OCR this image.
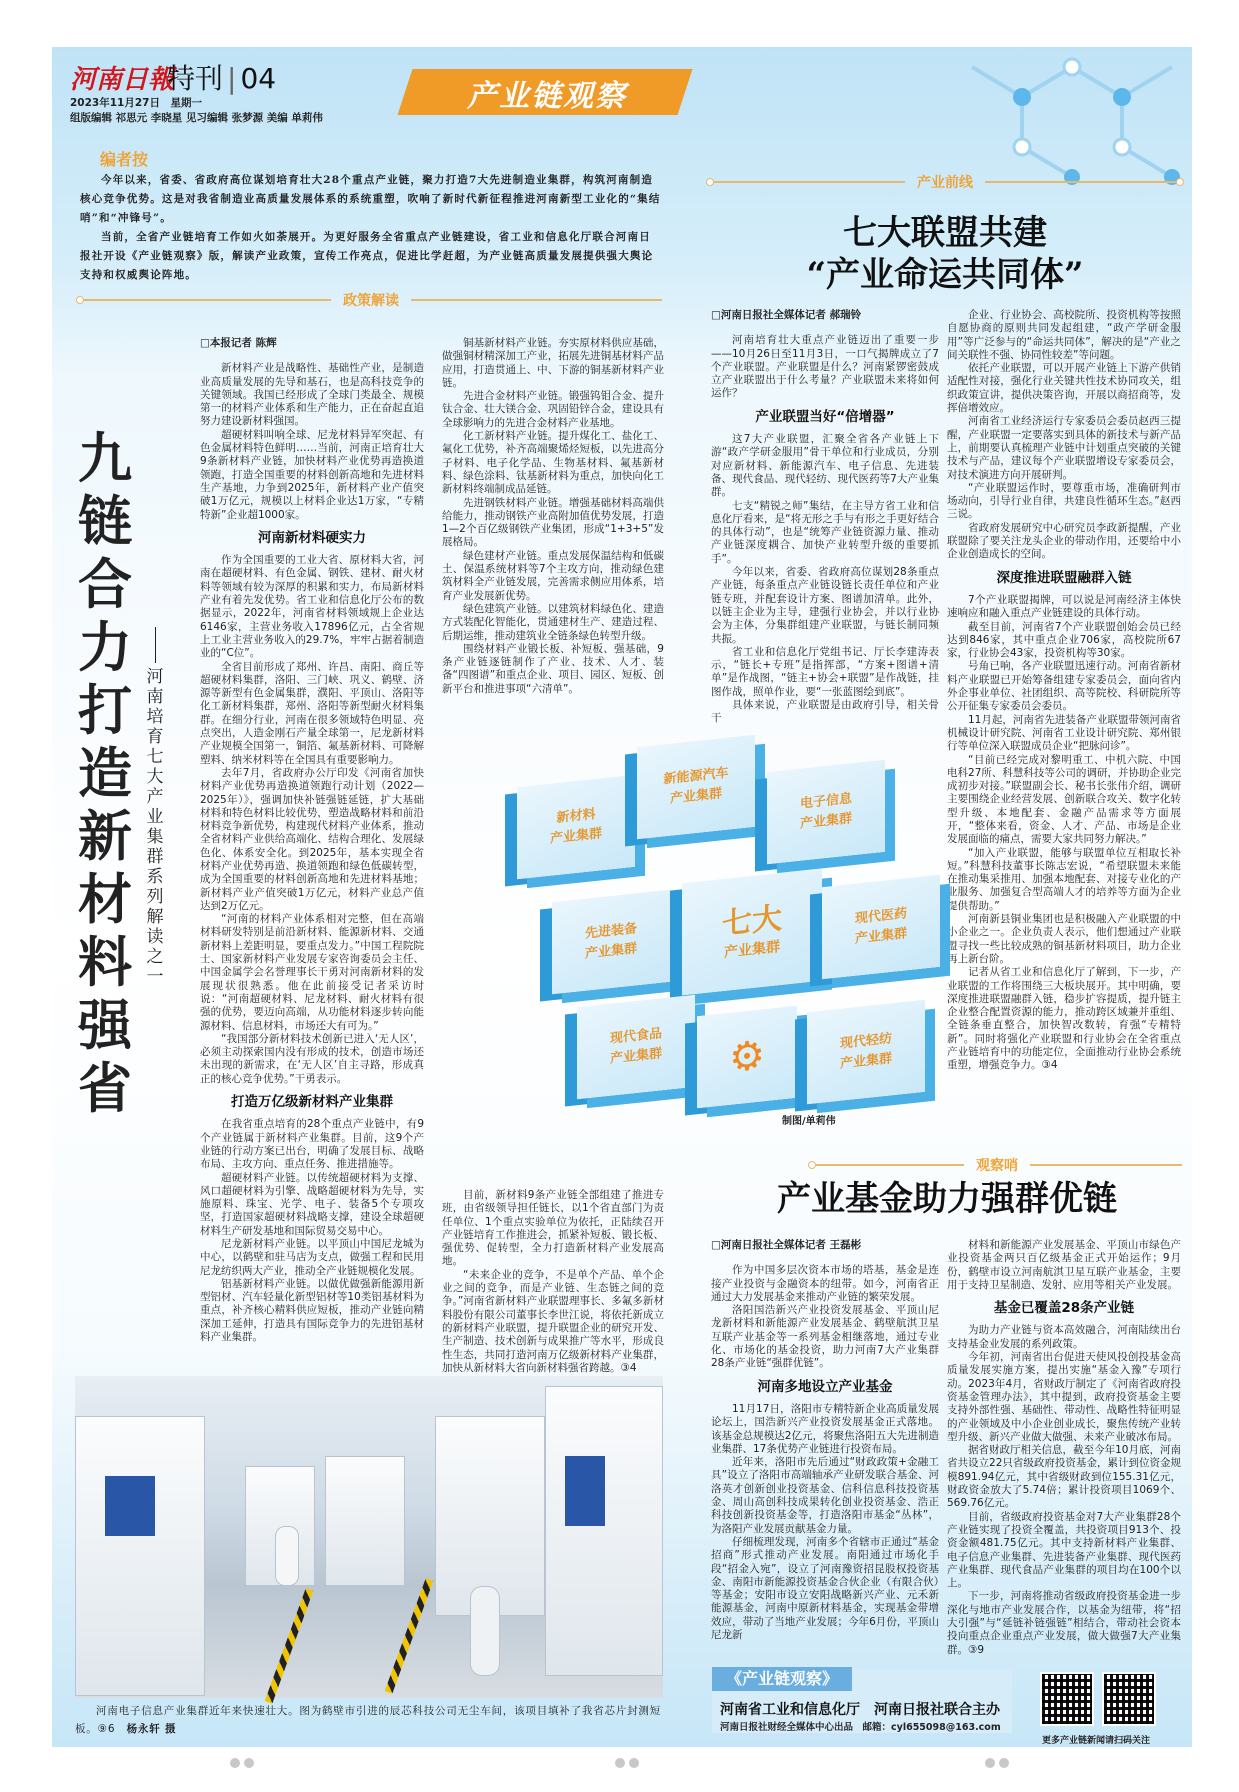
河南日報
特刊 | 04
2023年11月27日　星期一
组版编辑 祁思元 李晓星 见习编辑 张梦源 美编 单莉伟
产业链观察
编者按

今年以来，省委、省政府高位谋划培育壮大28个重点产业链，聚力打造7大先进制造业集群，构筑河南制造核心竞争优势。这是对我省制造业高质量发展体系的系统重塑，吹响了新时代新征程推进河南新型工业化的“集结哨”和“冲锋号”。

当前，全省产业链培育工作如火如荼展开。为更好服务全省重点产业链建设，省工业和信息化厅联合河南日报社开设《产业链观察》版，解读产业政策，宣传工作亮点，促进比学赶超，为产业链高质量发展提供强大舆论支持和权威舆论阵地。

政策解读
九链合力打造新材料强省
河南培育七大产业集群系列解读之一
□本报记者 陈辉

新材料产业是战略性、基础性产业，是制造业高质量发展的先导和基石，也是高科技竞争的关键领域。我国已经形成了全球门类最全、规模第一的材料产业体系和生产能力，正在奋起直追努力建设新材料强国。

超硬材料叫响全球、尼龙材料异军突起、有色金属材料特色鲜明……当前，河南正培育壮大9条新材料产业链，加快材料产业优势再造换道领跑，打造全国重要的材料创新高地和先进材料生产基地，力争到2025年，新材料产业产值突破1万亿元，规模以上材料企业达1万家，“专精特新”企业超1000家。

河南新材料硬实力

作为全国重要的工业大省、原材料大省，河南在超硬材料、有色金属、钢铁、建材、耐火材料等领域有较为深厚的积累和实力，布局新材料产业有着先发优势。省工业和信息化厅公布的数据显示，2022年，河南省材料领域规上企业达6146家，主营业务收入17896亿元，占全省规上工业主营业务收入的29.7%，牢牢占据着制造业的“C位”。

全省目前形成了郑州、许昌、南阳、商丘等超硬材料集群，洛阳、三门峡、巩义、鹤壁、济源等新型有色金属集群，濮阳、平顶山、洛阳等化工新材料集群，郑州、洛阳等新型耐火材料集群。在细分行业，河南在很多领域特色明显、亮点突出，人造金刚石产量全球第一，尼龙新材料产业规模全国第一，铜箔、氟基新材料、可降解塑料、纳米材料等在全国具有重要影响力。

去年7月，省政府办公厅印发《河南省加快材料产业优势再造换道领跑行动计划（2022—2025年）》，强调加快补链强链延链，扩大基础材料和特色材料比较优势，塑造战略材料和前沿材料竞争新优势，构建现代材料产业体系，推动全省材料产业供给高端化、结构合理化、发展绿色化、体系安全化。到2025年，基本实现全省材料产业优势再造、换道领跑和绿色低碳转型，成为全国重要的材料创新高地和先进材料基地；新材料产业产值突破1万亿元，材料产业总产值达到2万亿元。

“河南的材料产业体系相对完整，但在高端材料研发特别是前沿新材料、能源新材料、交通新材料上差距明显，要重点发力。”中国工程院院士、国家新材料产业发展专家咨询委员会主任、中国金属学会名誉理事长干勇对河南新材料的发展现状很熟悉。他在此前接受记者采访时说：“河南超硬材料、尼龙材料、耐火材料有很强的优势，要迈向高端，从功能材料逐步转向能源材料、信息材料，市场还大有可为。”

“我国部分新材料技术创新已进入‘无人区’，必须主动探索国内没有形成的技术，创造市场还未出现的新需求，在‘无人区’自主寻路，形成真正的核心竞争优势。”干勇表示。

打造万亿级新材料产业集群

在我省重点培育的28个重点产业链中，有9个产业链属于新材料产业集群。目前，这9个产业链的行动方案已出台，明确了发展目标、战略布局、主攻方向、重点任务、推进措施等。

超硬材料产业链。以传统超硬材料为支撑、风口超硬材料为引擎、战略超硬材料为先导，实施原料、珠宝、光学、电子、装备5个专项攻坚，打造国家超硬材料战略支撑，建设全球超硬材料生产研发基地和国际贸易交易中心。

尼龙新材料产业链。以平顶山中国尼龙城为中心，以鹤壁和驻马店为支点，做强工程和民用尼龙纺织两大产业，推动全产业链规模化发展。

铝基新材料产业链。以做优做强新能源用新型铝材、汽车轻量化新型铝材等10类铝基材料为重点，补齐核心精料供应短板，推动产业链向精深加工延伸，打造具有国际竞争力的先进铝基材料产业集群。

铜基新材料产业链。夯实原材料供应基础，做强铜材精深加工产业，拓展先进铜基材料产品应用，打造贯通上、中、下游的铜基新材料产业链。

先进合金材料产业链。锻强钨钼合金、提升钛合金、壮大镁合金、巩固铅锌合金，建设具有全球影响力的先进合金材料产业基地。

化工新材料产业链。提升煤化工、盐化工、氟化工优势，补齐高端聚烯烃短板，以先进高分子材料、电子化学品、生物基材料、氟基新材料、绿色涂料、钛基新材料为重点，加快向化工新材料终端制成品延链。

先进钢铁材料产业链。增强基础材料高端供给能力，推动钢铁产业高附加值优势发展，打造1—2个百亿级钢铁产业集团，形成“1+3+5”发展格局。

绿色建材产业链。重点发展保温结构和低碳土、保温系统材料等7个主攻方向，推动绿色建筑材料全产业链发展，完善需求侧应用体系，培育产业发展新优势。

绿色建筑产业链。以建筑材料绿色化、建造方式装配化智能化，贯通建材生产、建造过程、后期运维，推动建筑业全链条绿色转型升级。

围绕材料产业锻长板、补短板、强基础，9条产业链逐链制作了产业、技术、人才、装备“四图谱”和重点企业、项目、园区、短板、创新平台和推进事项“六清单”。

目前，新材料9条产业链全部组建了推进专班，由省级领导担任链长，以1个省直部门为责任单位、1个重点实验单位为依托，正陆续召开产业链培育工作推进会，抓紧补短板、锻长板、强优势、促转型，全力打造新材料产业发展高地。

“未来企业的竞争，不是单个产品、单个企业之间的竞争，而是产业链、生态链之间的竞争。”河南省新材料产业联盟理事长、多氟多新材料股份有限公司董事长李世江说，将依托新成立的新材料产业联盟，提升联盟企业的研究开发、生产制造、技术创新与成果推广等水平，形成良性生态，共同打造河南万亿级新材料产业集群，加快从新材料大省向新材料强省跨越。③4

产业前线
七大联盟共建
“产业命运共同体”
□河南日报社全媒体记者 郝瑞铃

河南培育壮大重点产业链迈出了重要一步——10月26日至11月3日，一口气揭牌成立了7个产业联盟。产业联盟是什么？河南紧锣密鼓成立产业联盟出于什么考量？产业联盟未来将如何运作？

产业联盟当好“倍增器”

这7大产业联盟，汇聚全省各产业链上下游“政产学研金服用”骨干单位和行业成员，分别对应新材料、新能源汽车、电子信息、先进装备、现代食品、现代轻纺、现代医药等7大产业集群。

七支“精锐之师”集结，在主导方省工业和信息化厅看来，是“将无形之手与有形之手更好结合的具体行动”，也是“统筹产业链资源力量、推动产业链深度耦合、加快产业转型升级的重要抓手”。

今年以来，省委、省政府高位谋划28条重点产业链，每条重点产业链设链长责任单位和产业链专班，并配套设计方案、图谱加清单。此外，以链主企业为主导，建强行业协会，并以行业协会为主体，分集群组建产业联盟，与链长制同频共振。

省工业和信息化厅党组书记、厅长李建涛表示，“链长+专班”是指挥部，“方案+图谱+清单”是作战图，“链主+协会+联盟”是作战链，挂图作战，照单作业，要“一张蓝图绘到底”。

具体来说，产业联盟是由政府引导，相关骨干

企业、行业协会、高校院所、投资机构等按照自愿协商的原则共同发起组建，“政产学研金服用”等广泛参与的“命运共同体”，解决的是“产业之间关联性不强、协同性较差”等问题。

依托产业联盟，可以开展产业链上下游产供销适配性对接，强化行业关键共性技术协同攻关，组织政策宣讲，提供决策咨询，开展以商招商等，发挥倍增效应。

河南省工业经济运行专家委员会委员赵西三提醒，产业联盟一定要落实到具体的新技术与新产品上，前期要认真梳理产业链中计划重点突破的关键技术与产品，建议每个产业联盟增设专家委员会，对技术演进方向开展研判。

“产业联盟运作时，要尊重市场，准确研判市场动向，引导行业自律，共建良性循环生态。”赵西三说。

省政府发展研究中心研究员李政新提醒，产业联盟除了要关注龙头企业的带动作用，还要给中小企业创造成长的空间。

深度推进联盟融群入链

7个产业联盟揭牌，可以说是河南经济主体快速响应和融入重点产业链建设的具体行动。

截至目前，河南省7个产业联盟创始会员已经达到846家，其中重点企业706家，高校院所67家，行业协会43家，投资机构等30家。

号角已响，各产业联盟迅速行动。河南省新材料产业联盟已开始筹备组建专家委员会，面向省内外企事业单位、社团组织、高等院校、科研院所等公开征集专家委员会委员。

11月起，河南省先进装备产业联盟带领河南省机械设计研究院、河南省工业设计研究院、郑州银行等单位深入联盟成员企业“把脉问诊”。

“目前已经完成对黎明重工、中机六院、中国电科27所、科慧科技等公司的调研，并协助企业完成初步对接。”联盟副会长、秘书长张伟介绍，调研主要围绕企业经营发展、创新联合攻关、数字化转型升级、本地配套、金融产品需求等方面展开，“整体来看，资金、人才、产品、市场是企业发展面临的痛点，需要大家共同努力解决。”

“加入产业联盟，能够与联盟单位互相取长补短。”科慧科技董事长陈志宏说，“希望联盟未来能在推动集采推用、加强本地配套、对接专业化的产业服务、加强复合型高端人才的培养等方面为企业提供帮助。”

河南新县铜业集团也是积极融入产业联盟的中小企业之一。企业负责人表示，他们想通过产业联盟寻找一些比较成熟的铜基新材料项目，助力企业再上新台阶。

记者从省工业和信息化厅了解到，下一步，产业联盟的工作将围绕三大板块展开。其中明确，要深度推进联盟融群入链，稳步扩容提质，提升链主企业整合配置资源的能力，推动跨区域兼并重组、全链条垂直整合，加快智改数转，育强“专精特新”。同时将强化产业联盟和行业协会在全省重点产业链培育中的功能定位，全面推动行业协会系统重塑，增强竞争力。③4

新材料
产业集群
新能源汽车
产业集群	电子信息
产业集群
先进装备
产业集群
七大
产业集群
现代医药
产业集群
现代食品
产业集群 ⚙	现代轻纺
产业集群
制图/单莉伟
观察哨
产业基金助力强群优链
□河南日报社全媒体记者 王磊彬

作为中国多层次资本市场的塔基，基金是连接产业投资与金融资本的纽带。如今，河南省正通过大力发展基金来推动产业链的繁荣发展。

洛阳国浩新兴产业投资发展基金、平顶山尼龙新材料和新能源产业发展基金、鹤壁航淇卫星互联产业基金等一系列基金相继落地，通过专业化、市场化的基金投资，助力河南7大产业集群28条产业链“强群优链”。

河南多地设立产业基金

11月17日，洛阳市专精特新企业高质量发展论坛上，国浩新兴产业投资发展基金正式落地。该基金总规模达2亿元，将聚焦洛阳五大先进制造业集群、17条优势产业链进行投资布局。

近年来，洛阳市先后通过“财政政策+金融工具”设立了洛阳市高端轴承产业研发联合基金、河洛英才创新创业投资基金、信科信息科技投资基金、周山高创科技成果转化创业投资基金、浩正科技创新投资基金等，打造洛阳市基金“丛林”，为洛阳产业发展贡献基金力量。

仔细梳理发现，河南多个省辖市正通过“基金招商”形式推动产业发展。南阳通过市场化手段“招金入宛”，设立了河南豫资招昆股权投资基金、南阳市新能源投资基金合伙企业（有限合伙）等基金；安阳市设立安阳战略新兴产业、元禾新能源基金，河南中原新材料基金，实现基金带增效应，带动了当地产业发展；今年6月份，平顶山尼龙新

材料和新能源产业发展基金、平顶山市绿色产业投资基金两只百亿级基金正式开始运作；9月份，鹤壁市设立河南航淇卫星互联产业基金，主要用于支持卫星制造、发射、应用等相关产业发展。

基金已覆盖28条产业链

为助力产业链与资本高效融合，河南陆续出台支持基金业发展的系列政策。

今年初，河南省出台促进天使风投创投基金高质量发展实施方案，提出实施“基金入豫”专项行动。2023年4月，省财政厅制定了《河南省政府投资基金管理办法》，其中提到，政府投资基金主要支持外部性强、基础性、带动性、战略性特征明显的产业领域及中小企业创业成长，聚焦传统产业转型升级、新兴产业做大做强、未来产业破冰布局。

据省财政厅相关信息，截至今年10月底，河南省共设立22只省级政府投资基金，累计到位资金规模891.94亿元，其中省级财政到位155.31亿元，财政资金放大了5.74倍；累计投资项目1069个、569.76亿元。

目前，省级政府投资基金对7大产业集群28个产业链实现了投资全覆盖，共投资项目913个、投资金额481.75亿元。其中支持新材料产业集群、电子信息产业集群、先进装备产业集群、现代医药产业集群、现代食品产业集群的项目均在100个以上。

下一步，河南将推动省级政府投资基金进一步深化与地市产业发展合作，以基金为纽带，将“招大引强”与“延链补链强链”相结合，带动社会资本投向重点企业重点产业发展，做大做强7大产业集群。③9

河南电子信息产业集群近年来快速壮大。图为鹤壁市引进的辰芯科技公司无尘车间，该项目填补了我省芯片封测短板。⑨6　 杨永轩 摄

《产业链观察》
河南省工业和信息化厅　河南日报社联合主办
河南日报社财经全媒体中心出品　邮箱：cyl655098@163.com
更多产业链新闻请扫码关注
